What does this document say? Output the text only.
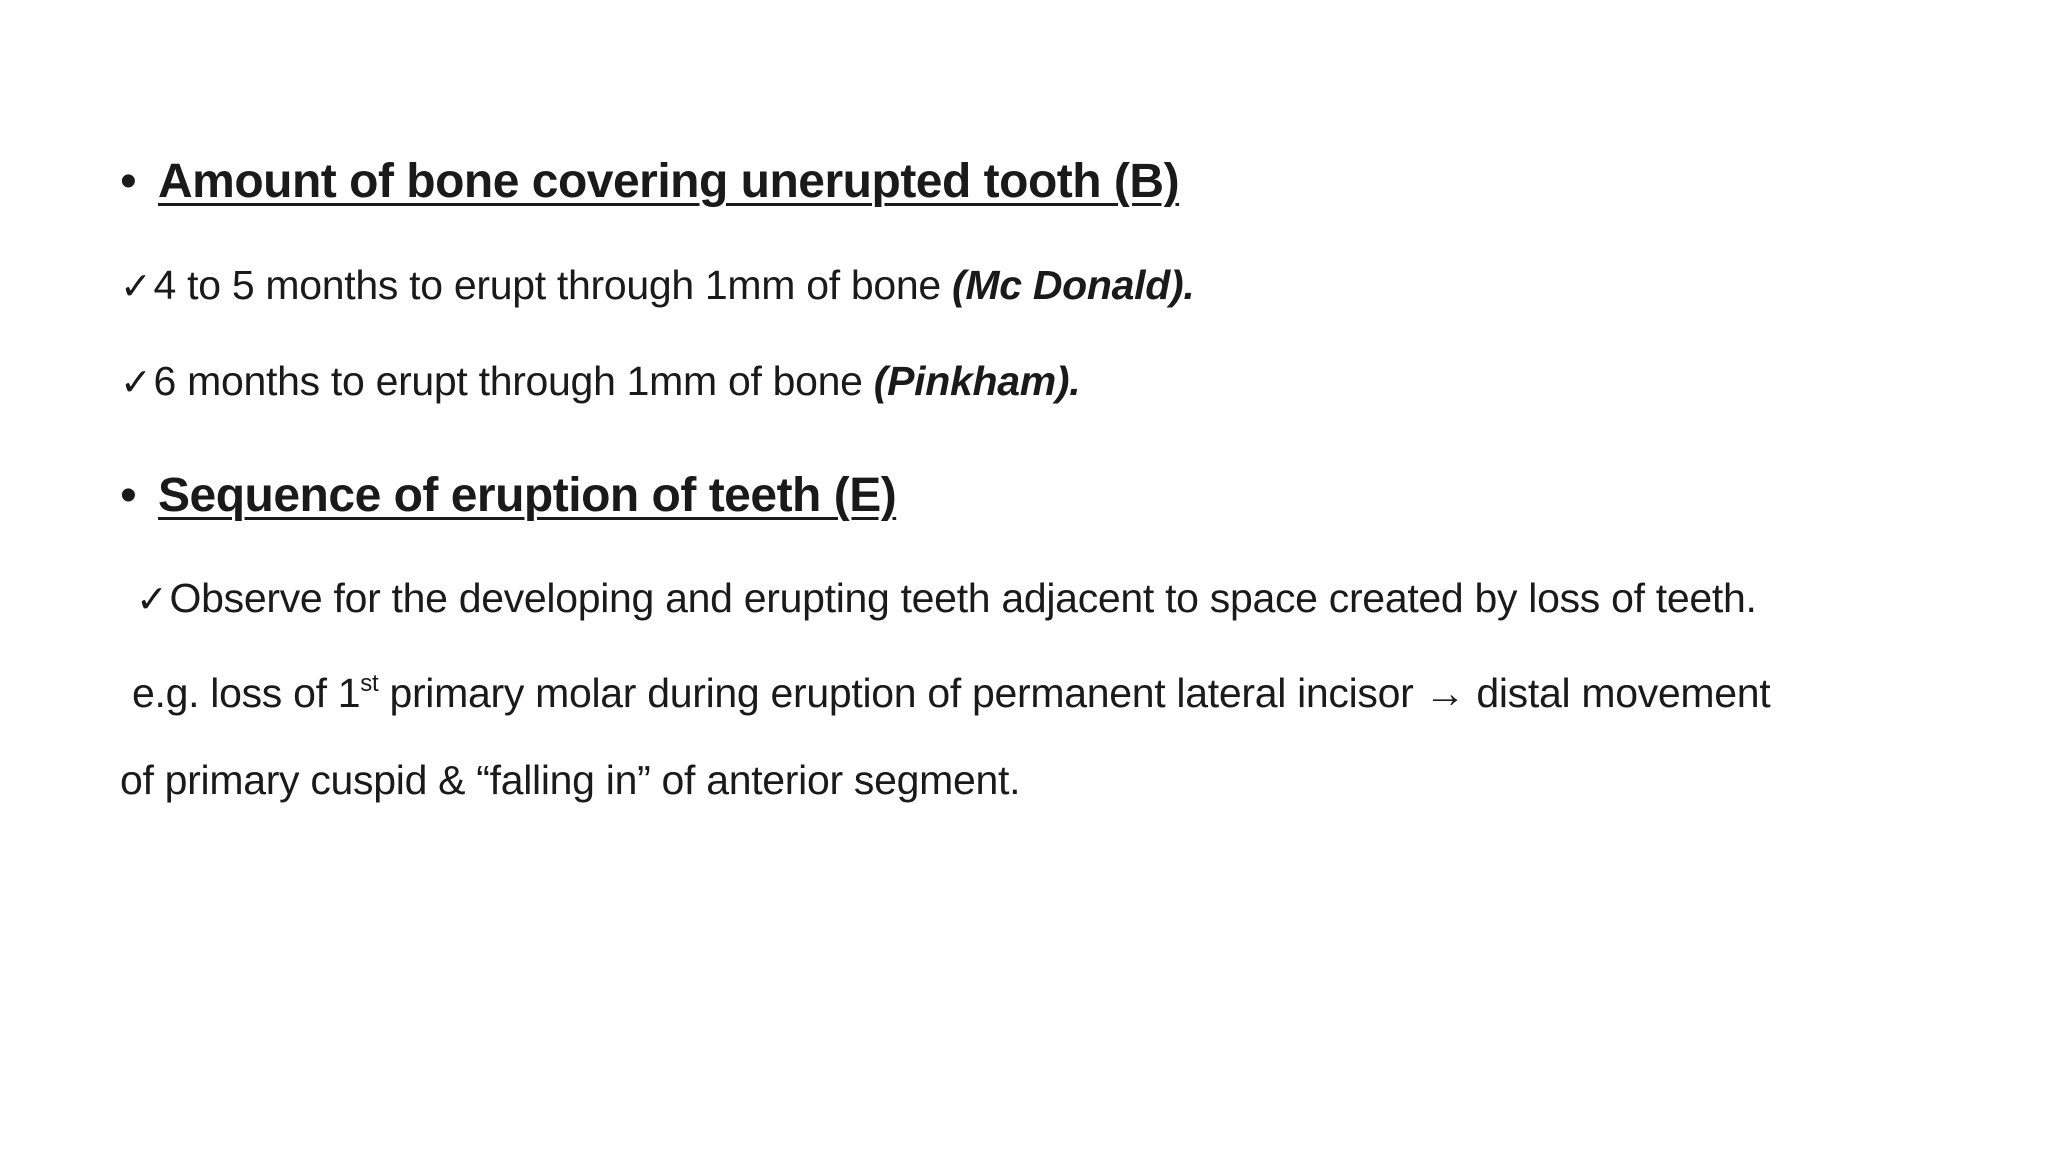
• Amount of bone covering unerupted tooth (B)
✓4 to 5 months to erupt through 1mm of bone (Mc Donald).
✓6 months to erupt through 1mm of bone (Pinkham).
• Sequence of eruption of teeth (E)
✓Observe for the developing and erupting teeth adjacent to space created by loss of teeth.
e.g. loss of 1st primary molar during eruption of permanent lateral incisor → distal movement
of primary cuspid & “falling in” of anterior segment.
